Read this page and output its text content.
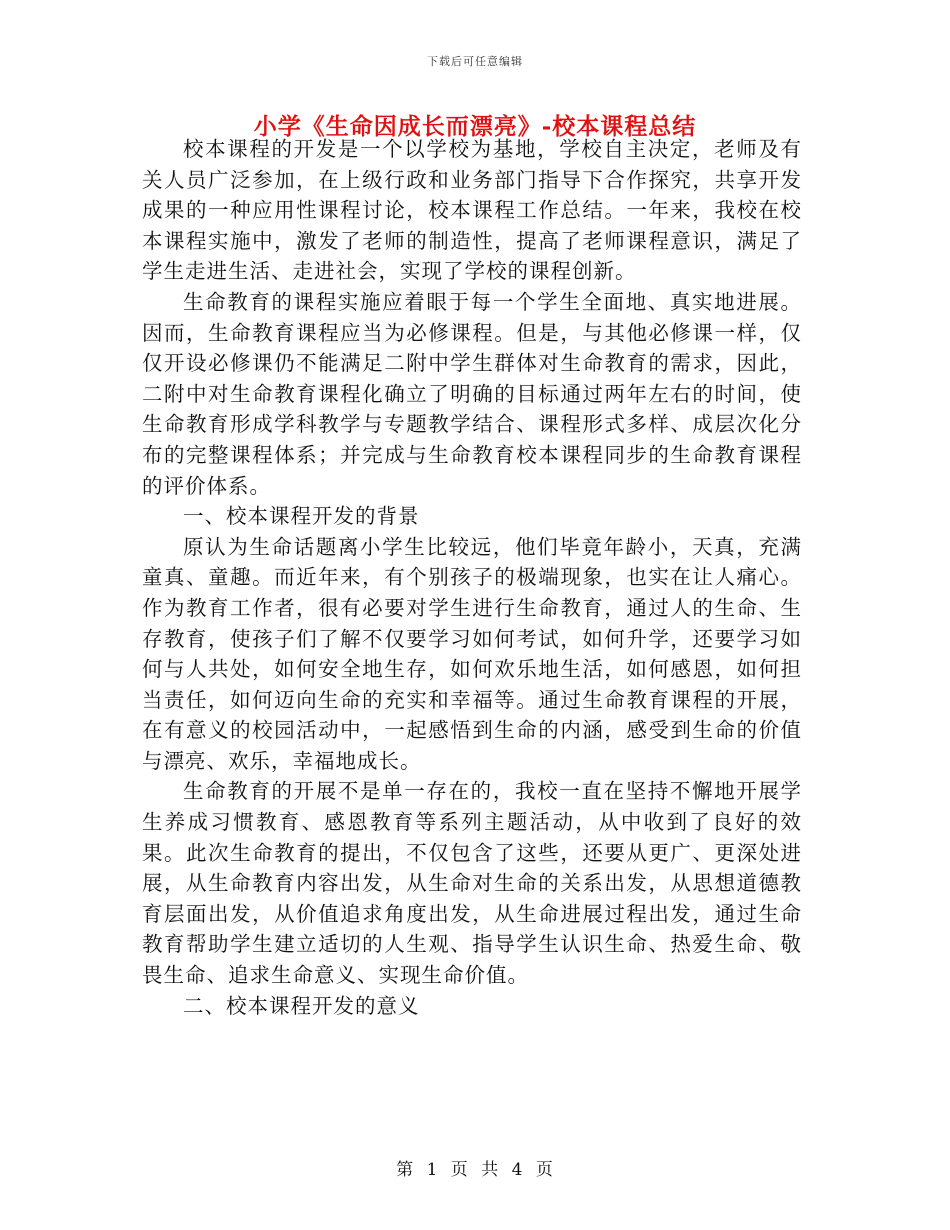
下载后可任意编辑
小学《生命因成长而漂亮》-校本课程总结

校本课程的开发是一个以学校为基地，学校自主决定，老师及有关人员广泛参加，在上级行政和业务部门指导下合作探究，共享开发成果的一种应用性课程讨论，校本课程工作总结。一年来，我校在校本课程实施中，激发了老师的制造性，提高了老师课程意识，满足了学生走进生活、走进社会，实现了学校的课程创新。

生命教育的课程实施应着眼于每一个学生全面地、真实地进展。因而，生命教育课程应当为必修课程。但是，与其他必修课一样，仅仅开设必修课仍不能满足二附中学生群体对生命教育的需求，因此，二附中对生命教育课程化确立了明确的目标通过两年左右的时间，使生命教育形成学科教学与专题教学结合、课程形式多样、成层次化分布的完整课程体系；并完成与生命教育校本课程同步的生命教育课程的评价体系。

一、校本课程开发的背景

原认为生命话题离小学生比较远，他们毕竟年龄小，天真，充满童真、童趣。而近年来，有个别孩子的极端现象，也实在让人痛心。作为教育工作者，很有必要对学生进行生命教育，通过人的生命、生存教育，使孩子们了解不仅要学习如何考试，如何升学，还要学习如何与人共处，如何安全地生存，如何欢乐地生活，如何感恩，如何担当责任，如何迈向生命的充实和幸福等。通过生命教育课程的开展，在有意义的校园活动中，一起感悟到生命的内涵，感受到生命的价值与漂亮、欢乐，幸福地成长。

生命教育的开展不是单一存在的，我校一直在坚持不懈地开展学生养成习惯教育、感恩教育等系列主题活动，从中收到了良好的效果。此次生命教育的提出，不仅包含了这些，还要从更广、更深处进展，从生命教育内容出发，从生命对生命的关系出发，从思想道德教育层面出发，从价值追求角度出发，从生命进展过程出发，通过生命教育帮助学生建立适切的人生观、指导学生认识生命、热爱生命、敬畏生命、追求生命意义、实现生命价值。

二、校本课程开发的意义

第 1 页 共 4 页
